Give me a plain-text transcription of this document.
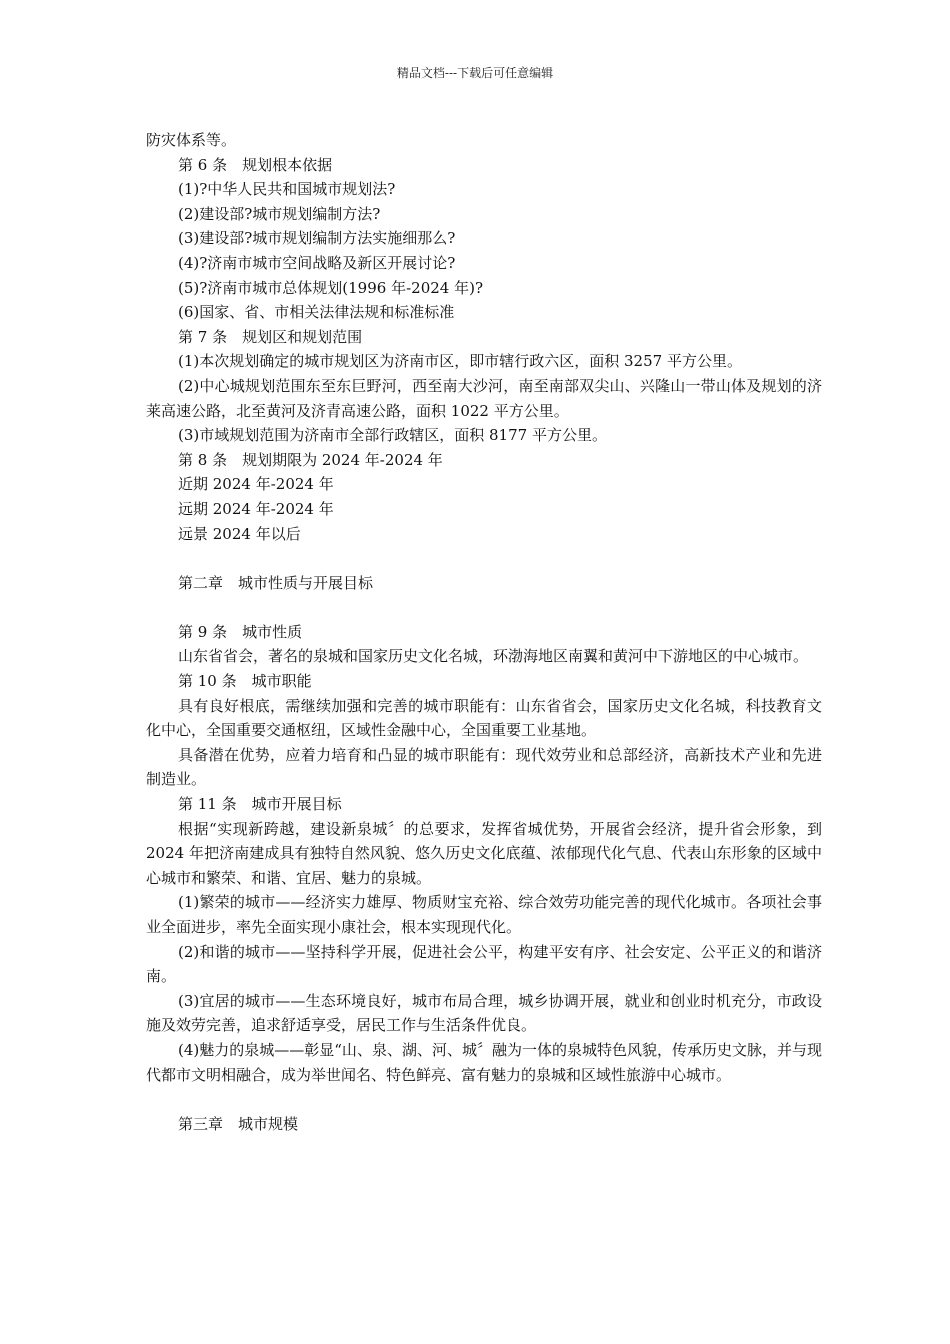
精品文档---下载后可任意编辑

防灾体系等。

第 6 条　规划根本依据

(1)?中华人民共和国城市规划法?

(2)建设部?城市规划编制方法?

(3)建设部?城市规划编制方法实施细那么?

(4)?济南市城市空间战略及新区开展讨论?

(5)?济南市城市总体规划(1996 年-2024 年)?

(6)国家、省、市相关法律法规和标准标准

第 7 条　规划区和规划范围

(1)本次规划确定的城市规划区为济南市区，即市辖行政六区，面积 3257 平方公里。

(2)中心城规划范围东至东巨野河，西至南大沙河，南至南部双尖山、兴隆山一带山体及规划的济莱高速公路，北至黄河及济青高速公路，面积 1022 平方公里。

(3)市域规划范围为济南市全部行政辖区，面积 8177 平方公里。

第 8 条　规划期限为 2024 年-2024 年

近期 2024 年-2024 年

远期 2024 年-2024 年

远景 2024 年以后

第二章　城市性质与开展目标

第 9 条　城市性质

山东省省会，著名的泉城和国家历史文化名城，环渤海地区南翼和黄河中下游地区的中心城市。

第 10 条　城市职能

具有良好根底，需继续加强和完善的城市职能有：山东省省会，国家历史文化名城，科技教育文化中心，全国重要交通枢纽，区域性金融中心，全国重要工业基地。

具备潜在优势，应着力培育和凸显的城市职能有：现代效劳业和总部经济，高新技术产业和先进制造业。

第 11 条　城市开展目标

根据“实现新跨越，建设新泉城〞的总要求，发挥省城优势，开展省会经济，提升省会形象，到 2024 年把济南建成具有独特自然风貌、悠久历史文化底蕴、浓郁现代化气息、代表山东形象的区域中心城市和繁荣、和谐、宜居、魅力的泉城。

(1)繁荣的城市——经济实力雄厚、物质财宝充裕、综合效劳功能完善的现代化城市。各项社会事业全面进步，率先全面实现小康社会，根本实现现代化。

(2)和谐的城市——坚持科学开展，促进社会公平，构建平安有序、社会安定、公平正义的和谐济南。

(3)宜居的城市——生态环境良好，城市布局合理，城乡协调开展，就业和创业时机充分，市政设施及效劳完善，追求舒适享受，居民工作与生活条件优良。

(4)魅力的泉城——彰显“山、泉、湖、河、城〞融为一体的泉城特色风貌，传承历史文脉，并与现代都市文明相融合，成为举世闻名、特色鲜亮、富有魅力的泉城和区域性旅游中心城市。

第三章　城市规模
